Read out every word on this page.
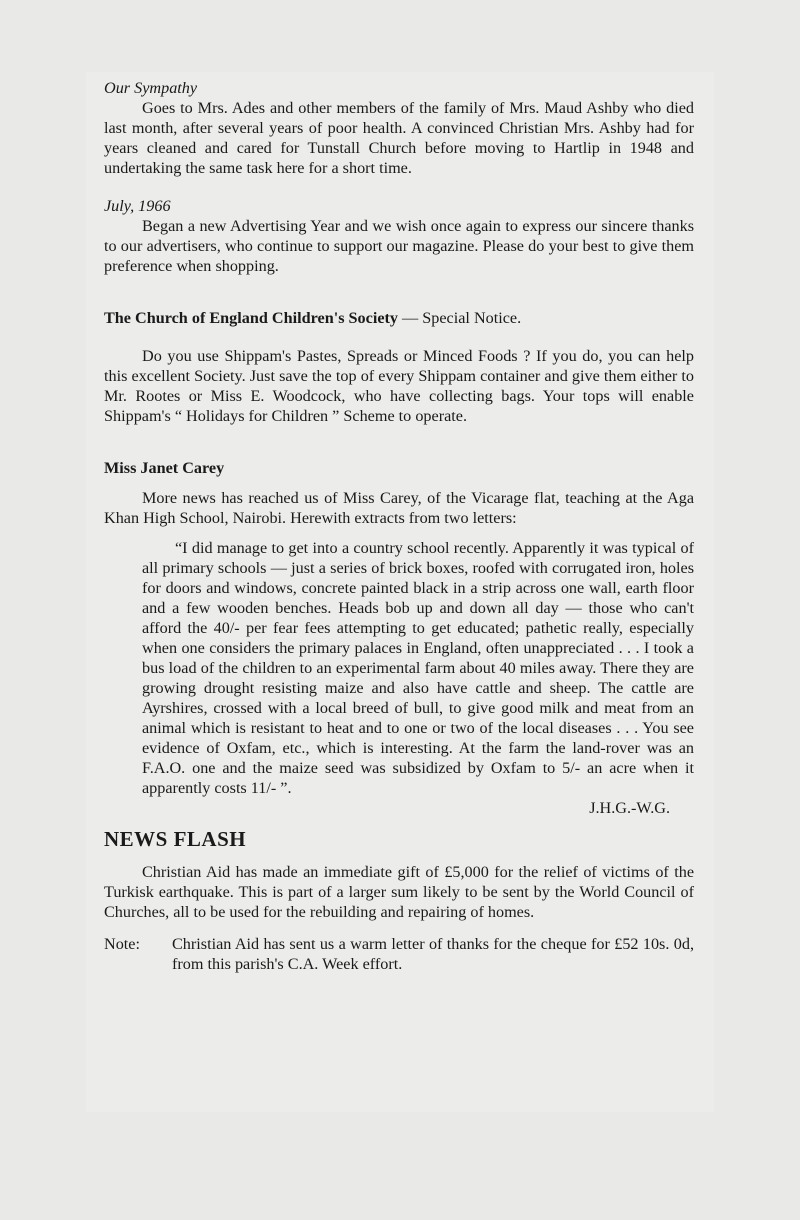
Our Sympathy

Goes to Mrs. Ades and other members of the family of Mrs. Maud Ashby who died last month, after several years of poor health. A convinced Christian Mrs. Ashby had for years cleaned and cared for Tunstall Church before moving to Hartlip in 1948 and undertaking the same task here for a short time.

July, 1966

Began a new Advertising Year and we wish once again to express our sincere thanks to our advertisers, who continue to support our magazine. Please do your best to give them preference when shopping.

The Church of England Children's Society — Special Notice.

Do you use Shippam's Pastes, Spreads or Minced Foods ? If you do, you can help this excellent Society. Just save the top of every Shippam container and give them either to Mr. Rootes or Miss E. Woodcock, who have collecting bags. Your tops will enable Shippam's “ Holidays for Children ” Scheme to operate.

Miss Janet Carey

More news has reached us of Miss Carey, of the Vicarage flat, teaching at the Aga Khan High School, Nairobi. Herewith extracts from two letters:

“I did manage to get into a country school recently. Apparently it was typical of all primary schools — just a series of brick boxes, roofed with corrugated iron, holes for doors and windows, concrete painted black in a strip across one wall, earth floor and a few wooden benches. Heads bob up and down all day — those who can't afford the 40/- per fear fees attempting to get educated; pathetic really, especially when one considers the primary palaces in England, often unappreciated . . . I took a bus load of the children to an experimental farm about 40 miles away. There they are growing drought resisting maize and also have cattle and sheep. The cattle are Ayrshires, crossed with a local breed of bull, to give good milk and meat from an animal which is resistant to heat and to one or two of the local diseases . . . You see evidence of Oxfam, etc., which is interesting. At the farm the land-rover was an F.A.O. one and the maize seed was subsidized by Oxfam to 5/- an acre when it apparently costs 11/- ”.

J.H.G.-W.G.

NEWS FLASH

Christian Aid has made an immediate gift of £5,000 for the relief of victims of the Turkisk earthquake. This is part of a larger sum likely to be sent by the World Council of Churches, all to be used for the rebuilding and repairing of homes.

Note:	Christian Aid has sent us a warm letter of thanks for the cheque for £52 10s. 0d, from this parish's C.A. Week effort.
